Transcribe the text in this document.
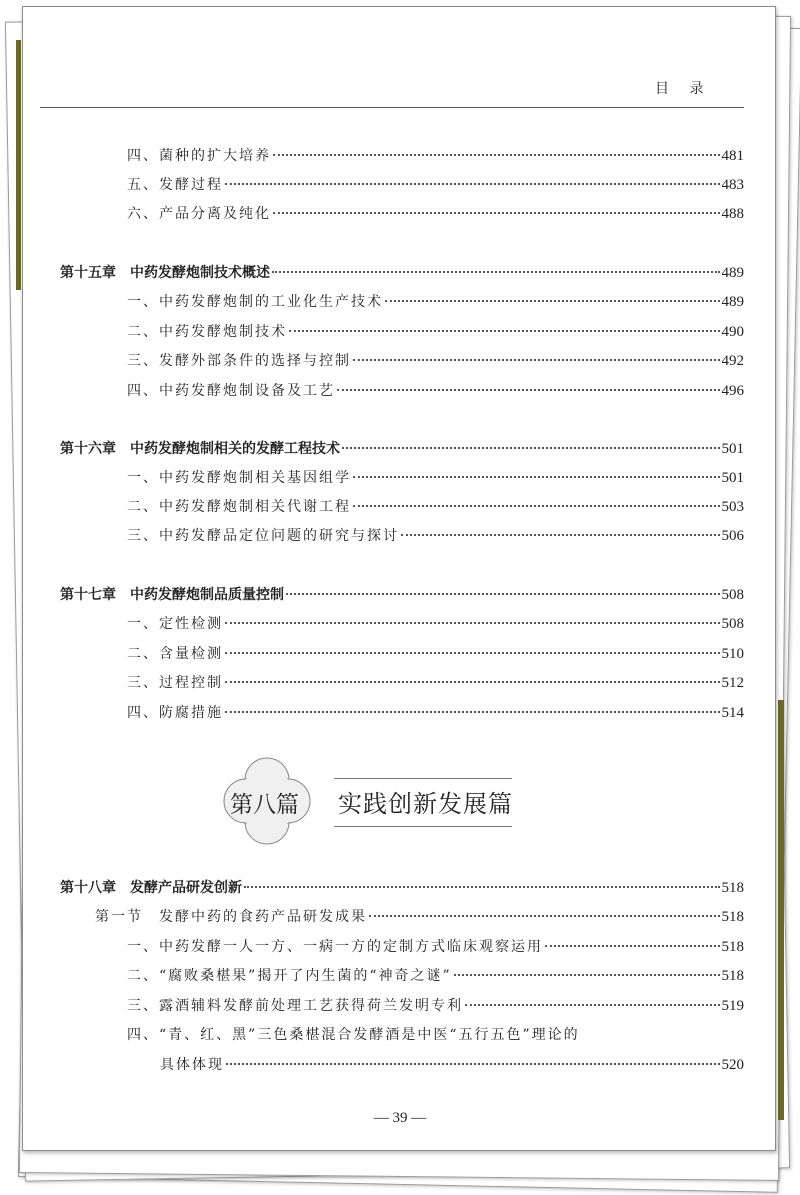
目 录
四、菌种的扩大培养	481
五、发酵过程	483
六、产品分离及纯化	488
第十五章　中药发酵炮制技术概述	489
一、中药发酵炮制的工业化生产技术	489
二、中药发酵炮制技术	490
三、发酵外部条件的选择与控制	492
四、中药发酵炮制设备及工艺	496
第十六章　中药发酵炮制相关的发酵工程技术	501
一、中药发酵炮制相关基因组学	501
二、中药发酵炮制相关代谢工程	503
三、中药发酵品定位问题的研究与探讨	506
第十七章　中药发酵炮制品质量控制	508
一、定性检测	508
二、含量检测	510
三、过程控制	512
四、防腐措施	514
第十八章　发酵产品研发创新	518
第一节　发酵中药的食药产品研发成果	518
一、中药发酵一人一方、一病一方的定制方式临床观察运用	518
二、“腐败桑椹果”揭开了内生菌的“神奇之谜”	518
三、露酒辅料发酵前处理工艺获得荷兰发明专利	519
四、“青、红、黑”三色桑椹混合发酵酒是中医“五行五色”理论的
具体体现	520
第八篇 实践创新发展篇
— 39 —
